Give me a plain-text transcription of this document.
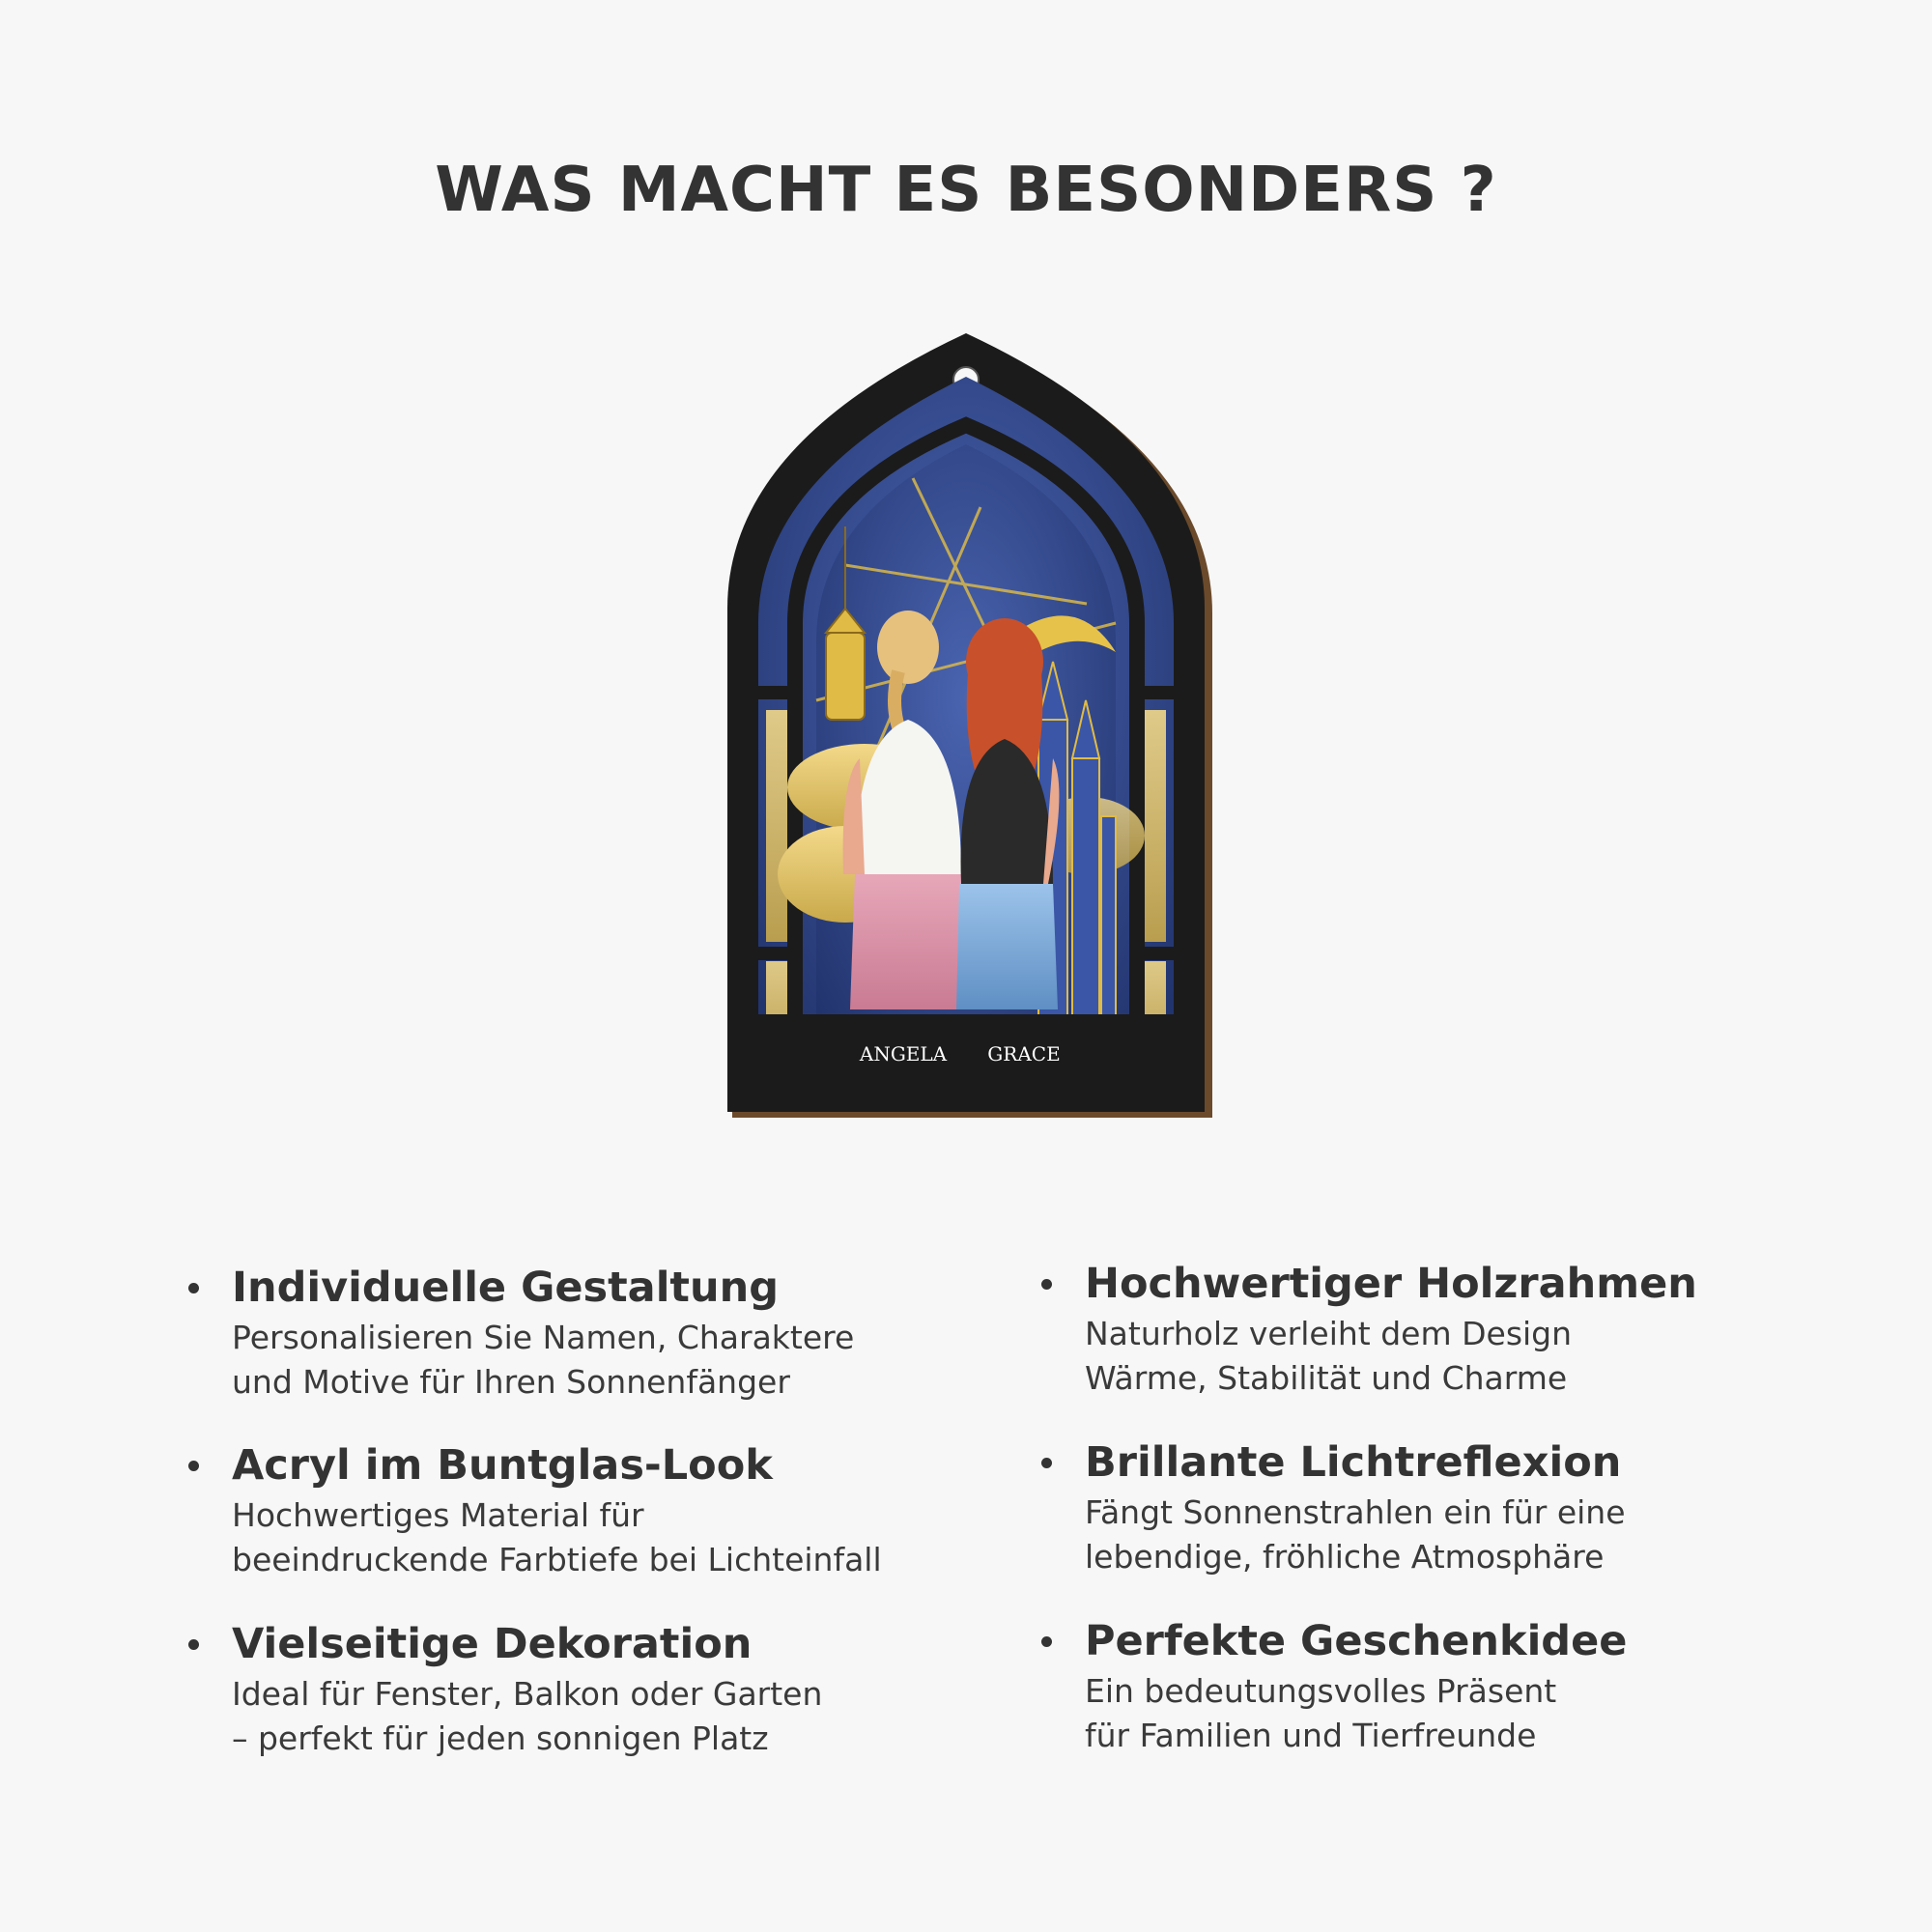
WAS MACHT ES BESONDERS ?
ANGELA GRACE
Individuelle Gestaltung
Personalisieren Sie Namen, Charaktere
und Motive für Ihren Sonnenfänger
Acryl im Buntglas-Look
Hochwertiges Material für
beeindruckende Farbtiefe bei Lichteinfall
Vielseitige Dekoration
Ideal für Fenster, Balkon oder Garten
– perfekt für jeden sonnigen Platz
Hochwertiger Holzrahmen
Naturholz verleiht dem Design
Wärme, Stabilität und Charme
Brillante Lichtreflexion
Fängt Sonnenstrahlen ein für eine
lebendige, fröhliche Atmosphäre
Perfekte Geschenkidee
Ein bedeutungsvolles Präsent
für Familien und Tierfreunde
